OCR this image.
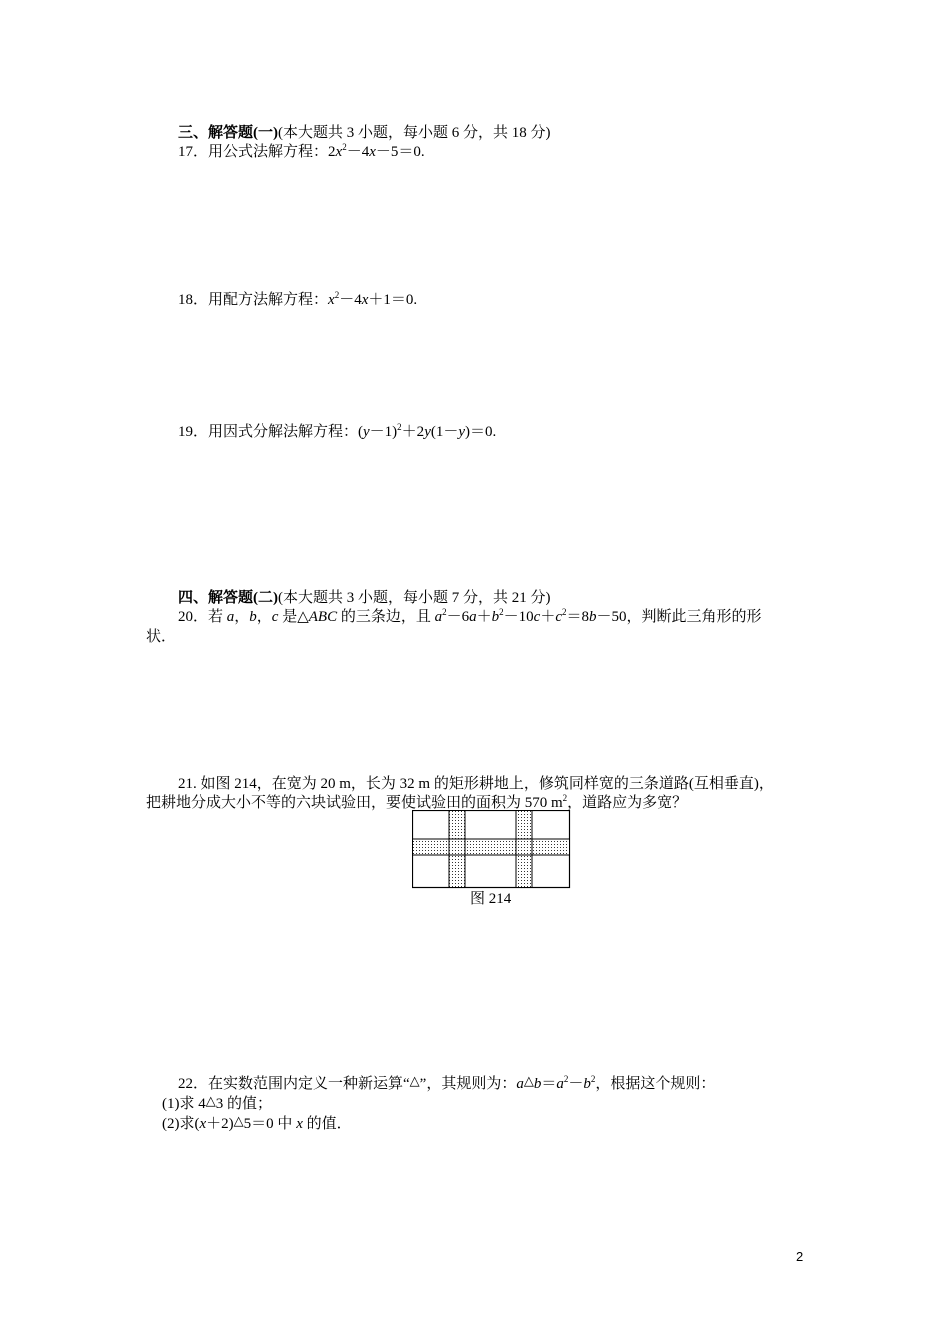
三、解答题(一)(本大题共 3 小题，每小题 6 分，共 18 分)
17．用公式法解方程：$2x^2-4x-5=0$.
18．用配方法解方程：$x^2-4x+1=0$.
19．用因式分解法解方程：$(y-1)^2+2y(1-y)=0$.
四、解答题(二)(本大题共 3 小题，每小题 7 分，共 21 分)
20．若 a，b，c 是△ABC 的三条边，且 $a^2-6a+b^2-10c+c^2=8b-50$，判断此三角形的形
状．
21. 如图 214，在宽为 20 m，长为 32 m 的矩形耕地上，修筑同样宽的三条道路(互相垂直)，
把耕地分成大小不等的六块试验田，要使试验田的面积为 570 $m^2$，道路应为多宽？
图 214
22．在实数范围内定义一种新运算“△”，其规则为：$a\triangle b=a^2-b^2$，根据这个规则：
(1)求 4△3 的值；
(2)求(x＋2)△5＝0 中 x 的值．
2
